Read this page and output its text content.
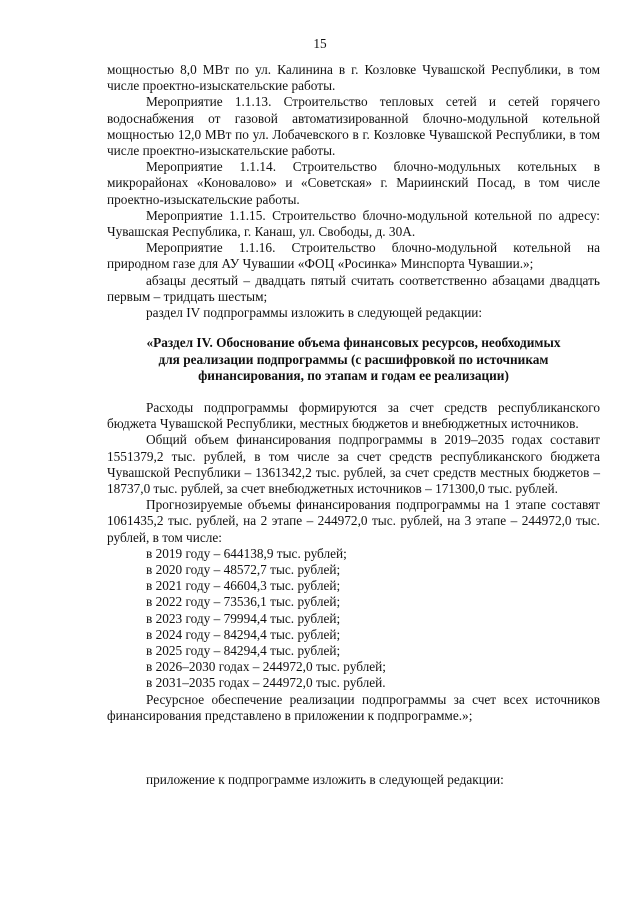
15

мощностью 8,0 МВт по ул. Калинина в г. Козловке Чувашской Республики, в том числе проектно-изыскательские работы.

Мероприятие 1.1.13. Строительство тепловых сетей и сетей горячего водоснабжения от газовой автоматизированной блочно-модульной котельной мощностью 12,0 МВт по ул. Лобачевского в г. Козловке Чувашской Республики, в том числе проектно-изыскательские работы.

Мероприятие 1.1.14. Строительство блочно-модульных котельных в микрорайонах «Коновалово» и «Советская» г. Мариинский Посад, в том числе проектно-изыскательские работы.

Мероприятие 1.1.15. Строительство блочно-модульной котельной по адресу: Чувашская Республика, г. Канаш, ул. Свободы, д. 30А.

Мероприятие 1.1.16. Строительство блочно-модульной котельной на природном газе для АУ Чувашии «ФОЦ «Росинка» Минспорта Чувашии.»;

абзацы десятый – двадцать пятый считать соответственно абзацами двадцать первым – тридцать шестым;

раздел IV подпрограммы изложить в следующей редакции:

«Раздел IV. Обоснование объема финансовых ресурсов, необходимых
для реализации подпрограммы (с расшифровкой по источникам
финансирования, по этапам и годам ее реализации)

Расходы подпрограммы формируются за счет средств республиканского бюджета Чувашской Республики, местных бюджетов и внебюджетных источников.

Общий объем финансирования подпрограммы в 2019–2035 годах составит 1551379,2 тыс. рублей, в том числе за счет средств республиканского бюджета Чувашской Республики – 1361342,2 тыс. рублей, за счет средств местных бюджетов – 18737,0 тыс. рублей, за счет внебюджетных источников – 171300,0 тыс. рублей.

Прогнозируемые объемы финансирования подпрограммы на 1 этапе составят 1061435,2 тыс. рублей, на 2 этапе – 244972,0 тыс. рублей, на 3 этапе – 244972,0 тыс. рублей, в том числе:

в 2019 году – 644138,9 тыс. рублей;

в 2020 году – 48572,7 тыс. рублей;

в 2021 году – 46604,3 тыс. рублей;

в 2022 году – 73536,1 тыс. рублей;

в 2023 году – 79994,4 тыс. рублей;

в 2024 году – 84294,4 тыс. рублей;

в 2025 году – 84294,4 тыс. рублей;

в 2026–2030 годах – 244972,0 тыс. рублей;

в 2031–2035 годах – 244972,0 тыс. рублей.

Ресурсное обеспечение реализации подпрограммы за счет всех источников финансирования представлено в приложении к подпрограмме.»;

приложение к подпрограмме изложить в следующей редакции:
